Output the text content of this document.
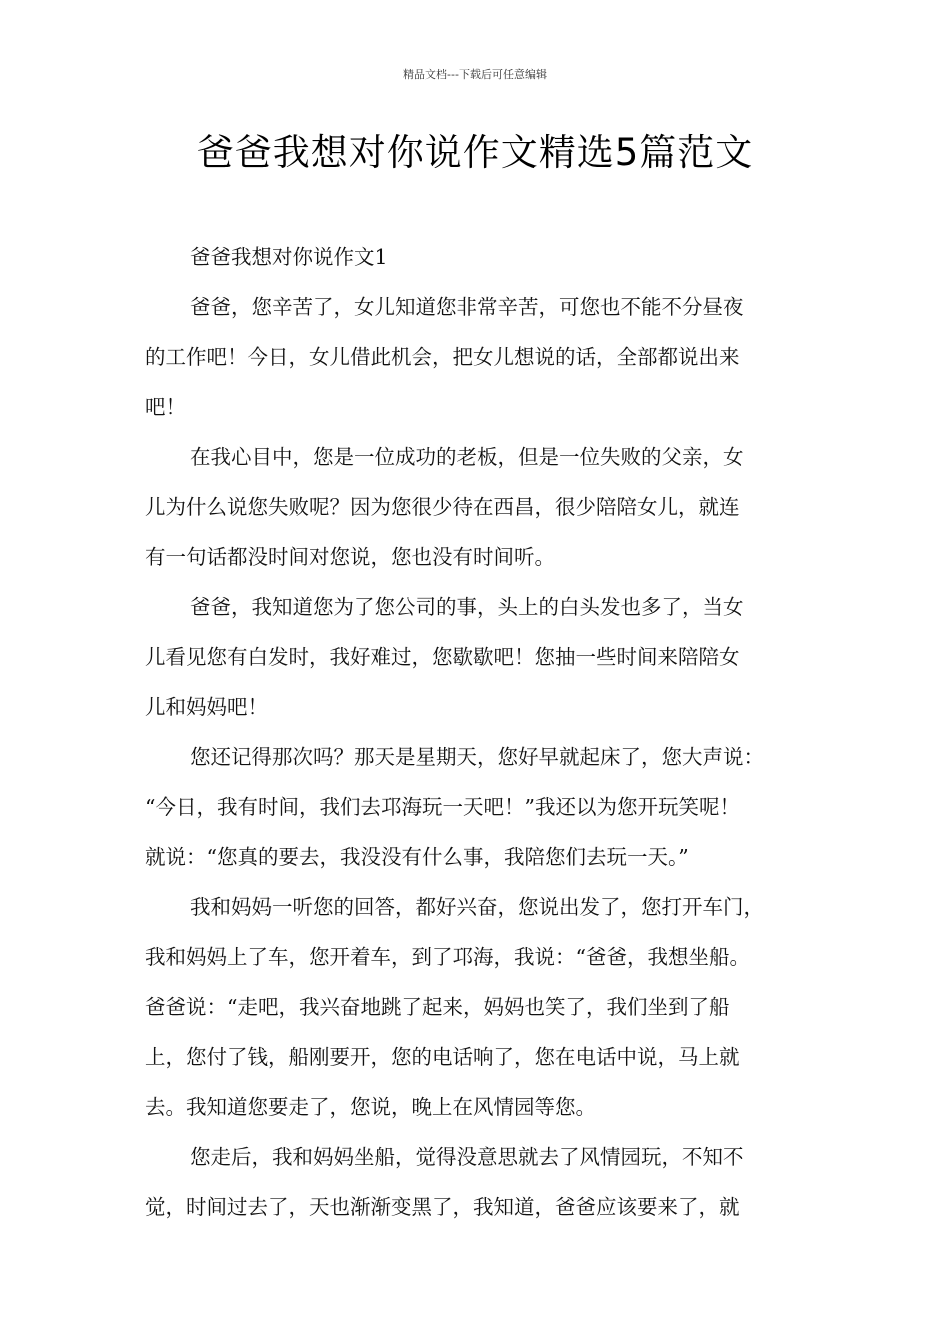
精品文档---下载后可任意编辑
爸爸我想对你说作文精选5篇范文

爸爸我想对你说作文1

爸爸，您辛苦了，女儿知道您非常辛苦，可您也不能不分昼夜
的工作吧！今日，女儿借此机会，把女儿想说的话，全部都说出来
吧！
在我心目中，您是一位成功的老板，但是一位失败的父亲，女
儿为什么说您失败呢？因为您很少待在西昌，很少陪陪女儿，就连
有一句话都没时间对您说，您也没有时间听。
爸爸，我知道您为了您公司的事，头上的白头发也多了，当女
儿看见您有白发时，我好难过，您歇歇吧！您抽一些时间来陪陪女
儿和妈妈吧！
您还记得那次吗？那天是星期天，您好早就起床了，您大声说：
“今日，我有时间，我们去邛海玩一天吧！”我还以为您开玩笑呢！
就说：“您真的要去，我没没有什么事，我陪您们去玩一天。”
我和妈妈一听您的回答，都好兴奋，您说出发了，您打开车门，
我和妈妈上了车，您开着车，到了邛海，我说：“爸爸，我想坐船。
爸爸说：“走吧，我兴奋地跳了起来，妈妈也笑了，我们坐到了船
上，您付了钱，船刚要开，您的电话响了，您在电话中说，马上就
去。我知道您要走了，您说，晚上在风情园等您。
您走后，我和妈妈坐船，觉得没意思就去了风情园玩，不知不
觉，时间过去了，天也渐渐变黑了，我知道，爸爸应该要来了，就
